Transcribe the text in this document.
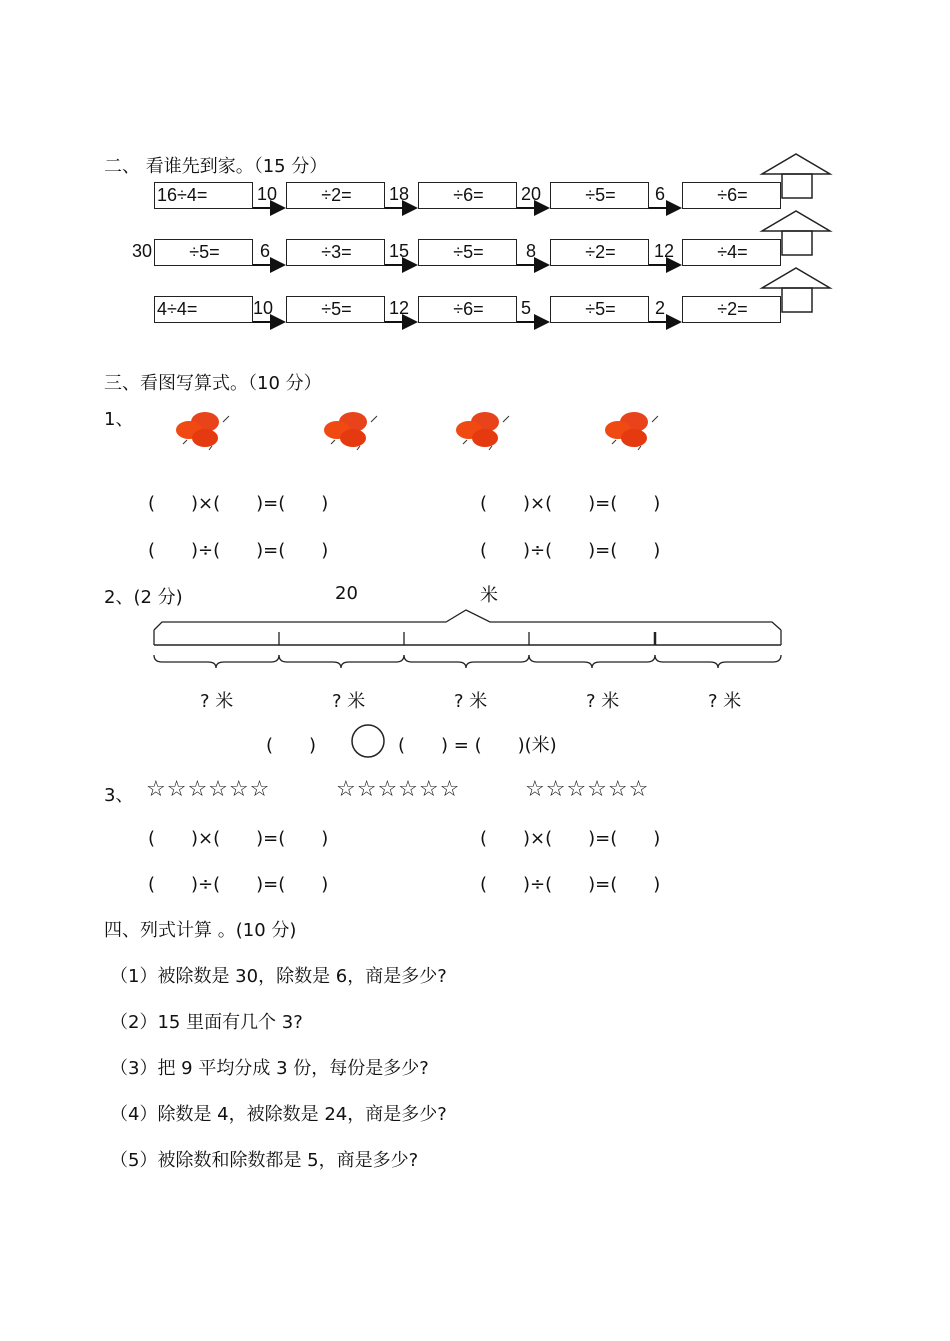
二、 看谁先到家。（15 分）
16÷4=	10	÷2=	18	÷6=	20	÷5=	6	÷6=
30	÷5=	6	÷3=	15	÷5=	8	÷2=	12	÷4=
4÷4=	10	÷5=	12	÷6=	5	÷5=	2	÷2=
三、看图写算式。（10 分）
1、
(　　)×(　　)=(　　)	(　　)×(　　)=(　　)
(　　)÷(　　)=(　　)	(　　)÷(　　)=(　　)
2、(2 分)	20	米
? 米	? 米	? 米	? 米	? 米
(　　)	(　　) = (　　)(米)
3、 ☆☆☆☆☆☆	☆☆☆☆☆☆	☆☆☆☆☆☆
(　　)×(　　)=(　　)	(　　)×(　　)=(　　)
(　　)÷(　　)=(　　)	(　　)÷(　　)=(　　)
四、列式计算 。(10 分)
（1）被除数是 30，除数是 6，商是多少?
（2）15 里面有几个 3?
（3）把 9 平均分成 3 份，每份是多少?
（4）除数是 4，被除数是 24，商是多少?
（5）被除数和除数都是 5，商是多少?
